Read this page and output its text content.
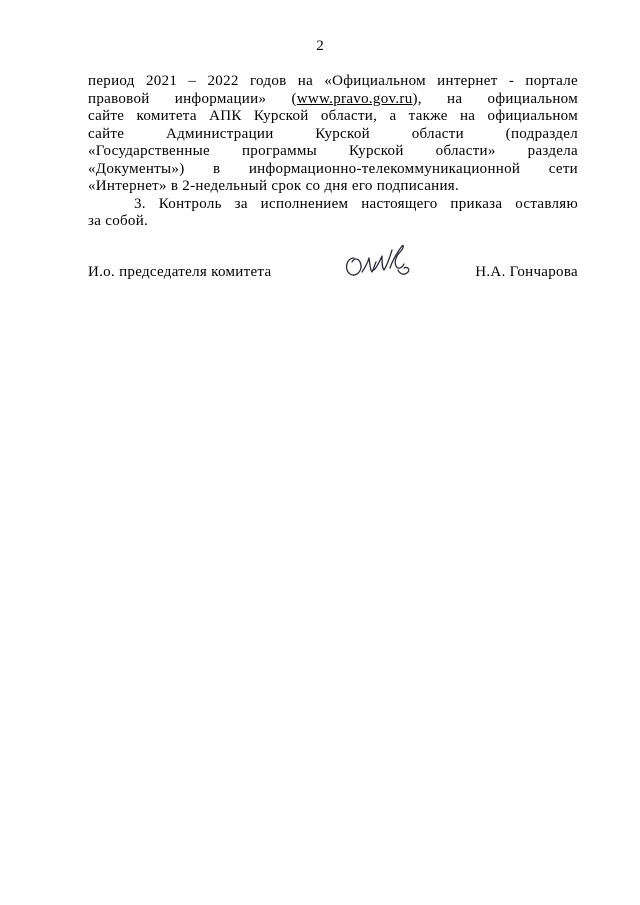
2
период 2021 – 2022 годов на «Официальном интернет - портале
правовой информации» (www.pravo.gov.ru), на официальном
сайте комитета АПК Курской области, а также на официальном
сайте Администрации Курской области (подраздел
«Государственные программы Курской области» раздела
«Документы») в информационно-телекоммуникационной сети
«Интернет» в 2-недельный срок со дня его подписания.
3. Контроль за исполнением настоящего приказа оставляю
за собой.
И.о. председателя комитета	Н.А. Гончарова
